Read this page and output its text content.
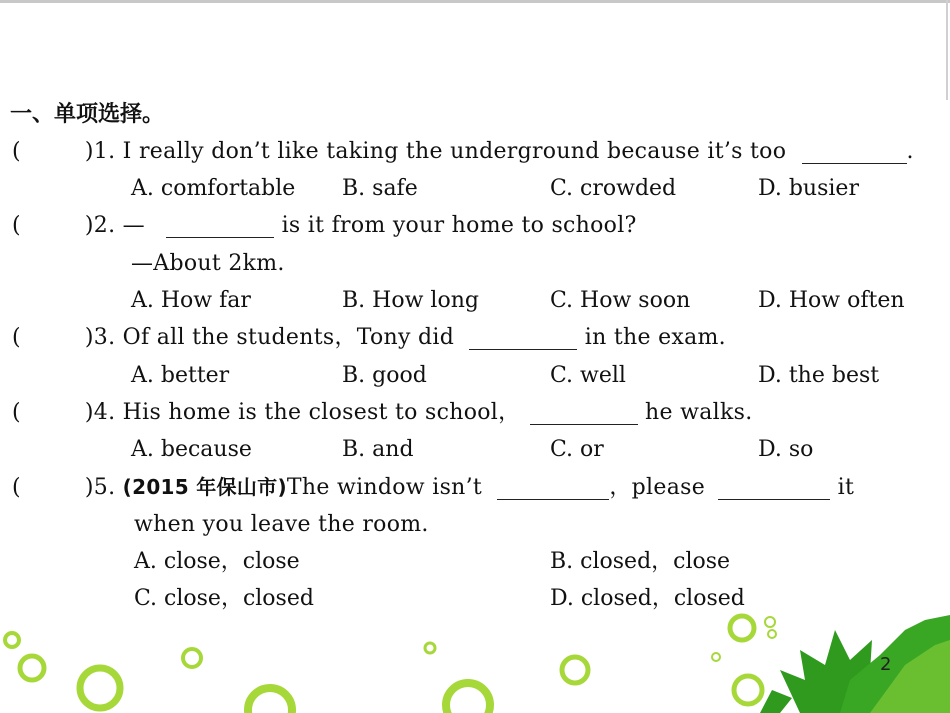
一、单项选择。
(	)1. I really don’t like taking the underground because it’s too	.
A. comfortable B. safe	C. crowded	D. busier
(	)2. —	is it from your home to school?
—About 2km.
A. How far	B. How long	C. How soon	D. How often
(	)3. Of all the students，Tony did	in the exam.
A. better	B. good	C. well	D. the best
(	)4. His home is the closest to school，	he walks.
A. because	B. and	C. or	D. so
(	)5. (2015 年保山市)The window isn’t	，please	it
when you leave the room.
A. close，close	B. closed，close
C. close，closed	D. closed，closed
2
